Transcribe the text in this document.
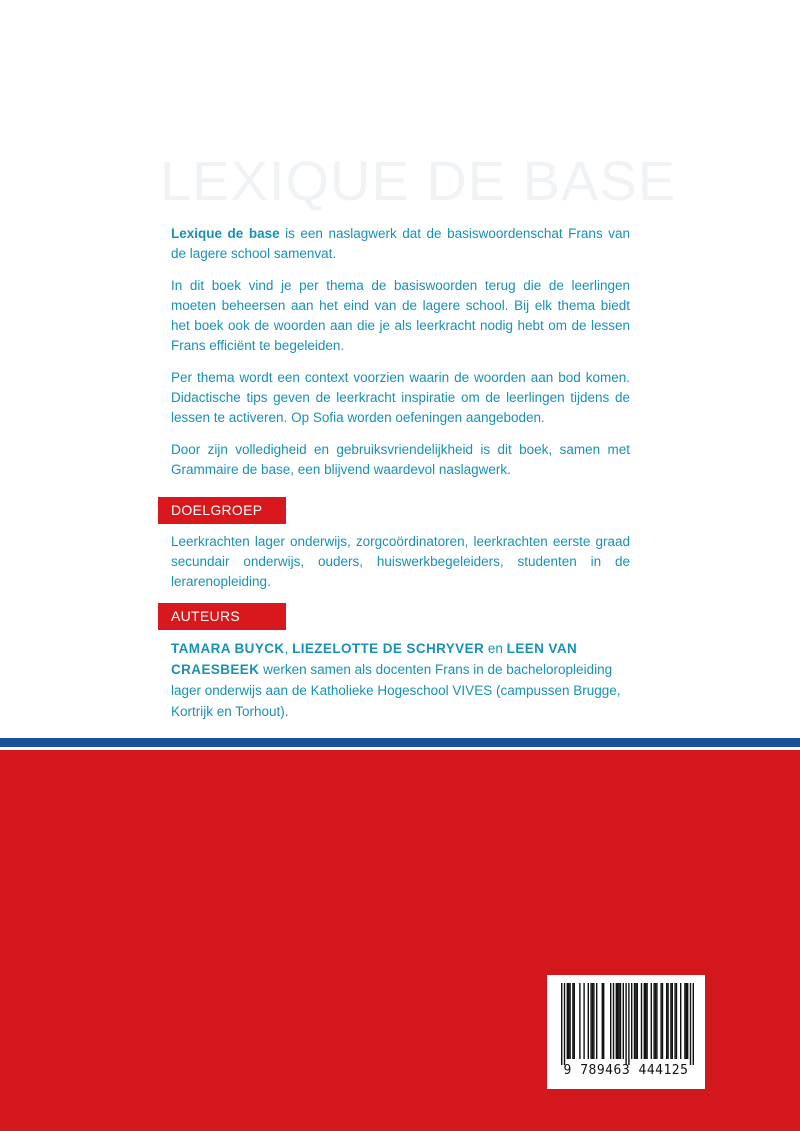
LEXIQUE DE BASE

Lexique de base is een naslagwerk dat de basiswoordenschat Frans van de lagere school samenvat.

In dit boek vind je per thema de basiswoorden terug die de leerlingen moeten beheersen aan het eind van de lagere school. Bij elk thema biedt het boek ook de woorden aan die je als leerkracht nodig hebt om de lessen Frans efficiënt te begeleiden.

Per thema wordt een context voorzien waarin de woorden aan bod komen. Didactische tips geven de leerkracht inspiratie om de leerlingen tijdens de lessen te activeren. Op Sofia worden oefeningen aangeboden.

Door zijn volledigheid en gebruiksvriendelijkheid is dit boek, samen met Grammaire de base, een blijvend waardevol naslagwerk.

DOELGROEP

Leerkrachten lager onderwijs, zorgcoördinatoren, leerkrachten eerste graad secundair onderwijs, ouders, huiswerkbegeleiders, studenten in de lerarenopleiding.

AUTEURS

TAMARA BUYCK, LIEZELOTTE DE SCHRYVER en LEEN VAN CRAESBEEK werken samen als docenten Frans in de bacheloropleiding lager onderwijs aan de Katholieke Hogeschool VIVES (campussen Brugge, Kortrijk en Torhout).

9 789463 444125
